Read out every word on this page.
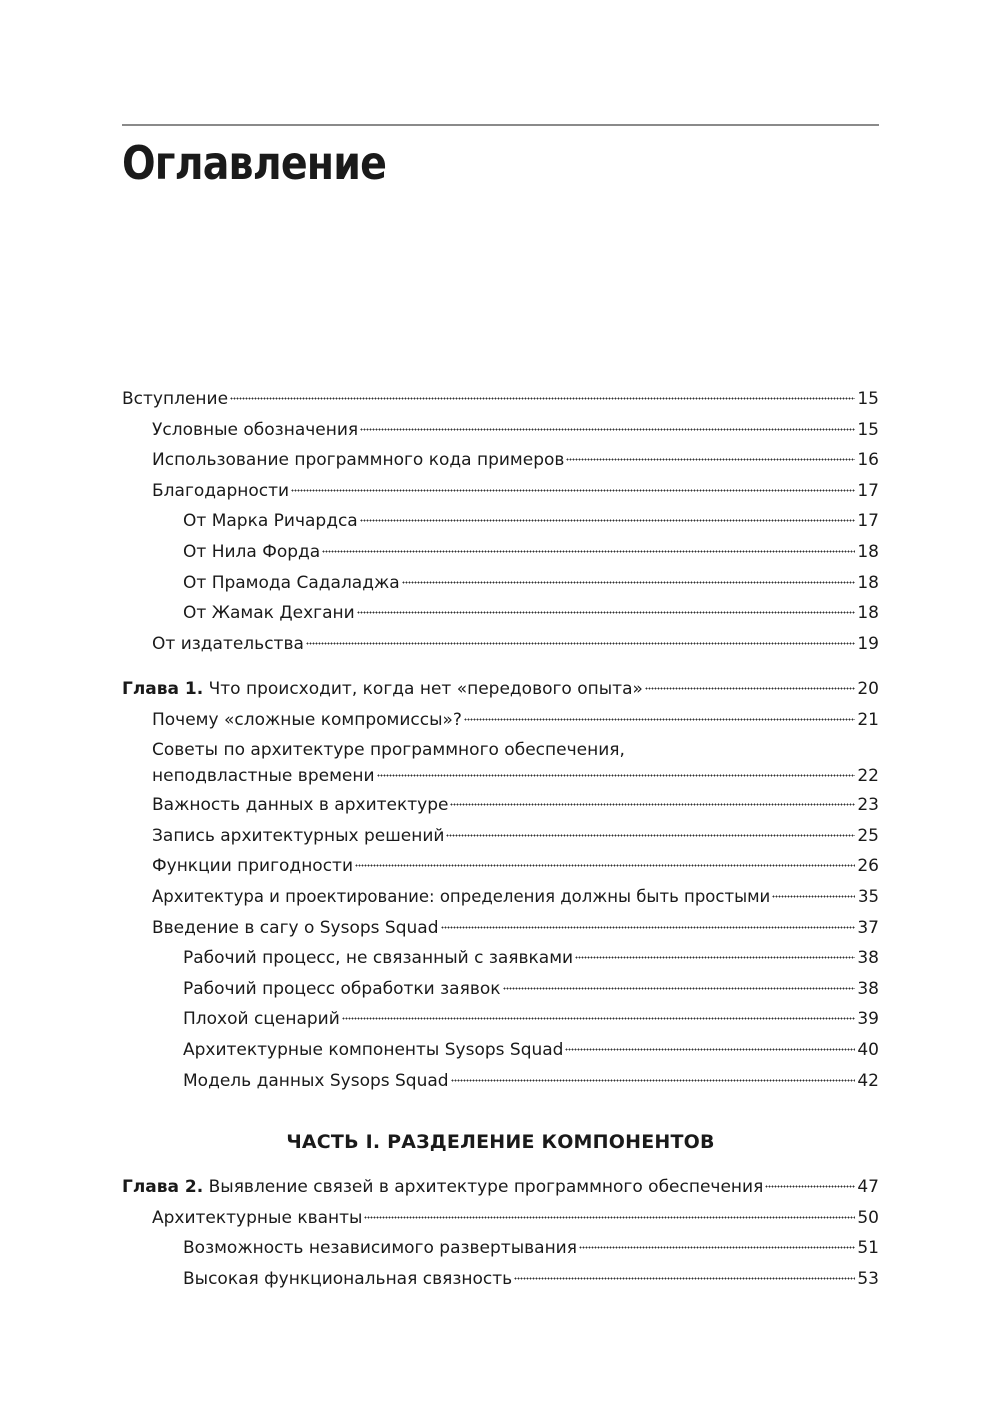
Оглавление
Вступление	15
Условные обозначения	15
Использование программного кода примеров	16
Благодарности	17
От Марка Ричардса	17
От Нила Форда	18
От Прамода Садаладжа	18
От Жамак Дехгани	18
От издательства	19
Глава 1. Что происходит, когда нет «передового опыта»	20
Почему «сложные компромиссы»?	21
Советы по архитектуре программного обеспечения,
неподвластные времени	22
Важность данных в архитектуре	23
Запись архитектурных решений	25
Функции пригодности	26
Архитектура и проектирование: определения должны быть простыми	35
Введение в сагу о Sysops Squad	37
Рабочий процесс, не связанный с заявками	38
Рабочий процесс обработки заявок	38
Плохой сценарий	39
Архитектурные компоненты Sysops Squad	40
Модель данных Sysops Squad	42
ЧАСТЬ I. РАЗДЕЛЕНИЕ КОМПОНЕНТОВ
Глава 2. Выявление связей в архитектуре программного обеспечения	47
Архитектурные кванты	50
Возможность независимого развертывания	51
Высокая функциональная связность	53
